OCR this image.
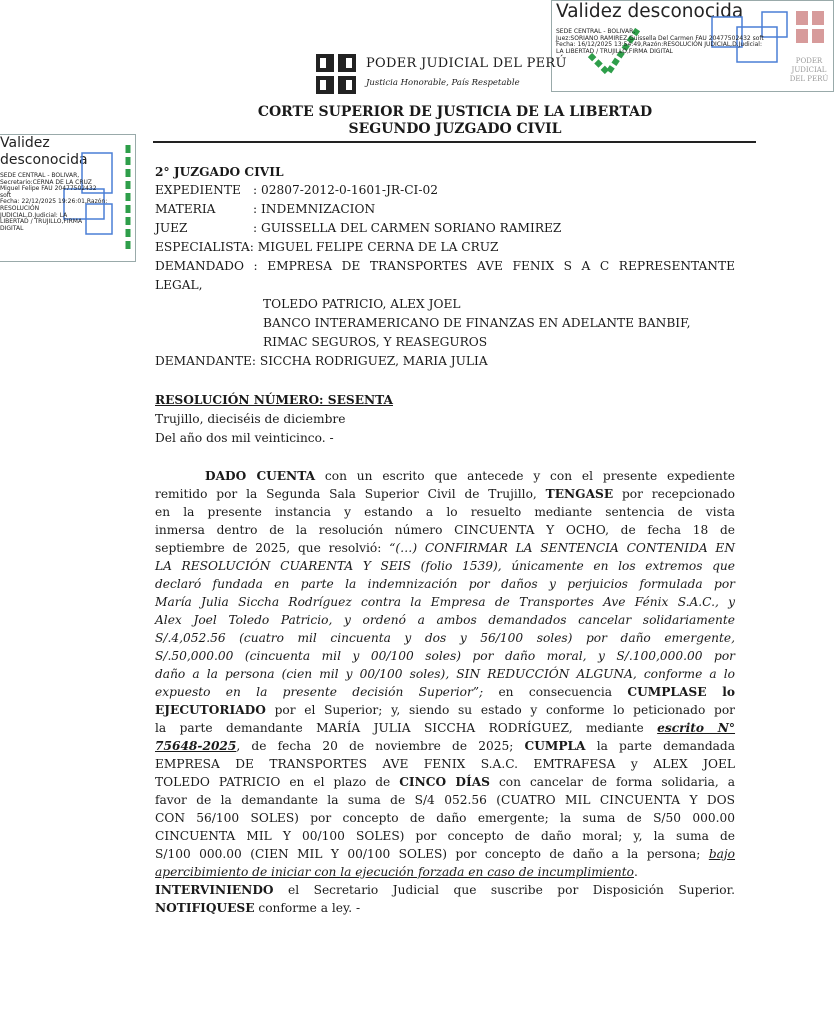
Validez desconocida
SEDE CENTRAL - BOLIVAR,
Juez:SORIANO RAMIREZ Guissella Del Carmen FAU 20477502432 soft
Fecha: 16/12/2025 13:54:49,Razón:RESOLUCIÓN JUDICIAL,D.Judicial:
LA LIBERTAD / TRUJILLO,FIRMA DIGITAL
PODER JUDICIAL
DEL PERÚ
Validez
desconocida
SEDE CENTRAL - BOLIVAR,
Secretario:CERNA DE LA CRUZ
Miguel Felipe FAU 20477502432
soft
Fecha: 22/12/2025 19:26:01,Razón:
RESOLUCIÓN
JUDICIAL,D.Judicial: LA
LIBERTAD / TRUJILLO,FIRMA
DIGITAL
PODER JUDICIAL DEL PERÚ
Justicia Honorable, País Respetable
CORTE SUPERIOR DE JUSTICIA DE LA LIBERTAD
SEGUNDO JUZGADO CIVIL
2° JUZGADO CIVIL
EXPEDIENTE : 02807-2012-0-1601-JR-CI-02
MATERIA	: INDEMNIZACION
JUEZ	: GUISSELLA DEL CARMEN SORIANO RAMIREZ
ESPECIALISTA: MIGUEL FELIPE CERNA DE LA CRUZ
DEMANDADO : EMPRESA DE TRANSPORTES AVE FENIX S A C REPRESENTANTE
LEGAL,
TOLEDO PATRICIO, ALEX JOEL
BANCO INTERAMERICANO DE FINANZAS EN ADELANTE BANBIF,
RIMAC SEGUROS, Y REASEGUROS
DEMANDANTE: SICCHA RODRIGUEZ, MARIA JULIA
RESOLUCIÓN NÚMERO: SESENTA
Trujillo, dieciséis de diciembre
Del año dos mil veinticinco. -
DADO CUENTA con un escrito que antecede y con el presente expediente
remitido por la Segunda Sala Superior Civil de Trujillo, TENGASE por recepcionado
en la presente instancia y estando a lo resuelto mediante sentencia de vista
inmersa dentro de la resolución número CINCUENTA Y OCHO, de fecha 18 de
septiembre de 2025, que resolvió: “(…) CONFIRMAR LA SENTENCIA CONTENIDA EN
LA RESOLUCIÓN CUARENTA Y SEIS (folio 1539), únicamente en los extremos que
declaró fundada en parte la indemnización por daños y perjuicios formulada por
María Julia Siccha Rodríguez contra la Empresa de Transportes Ave Fénix S.A.C., y
Alex Joel Toledo Patricio, y ordenó a ambos demandados cancelar solidariamente
S/.4,052.56 (cuatro mil cincuenta y dos y 56/100 soles) por daño emergente,
S/.50,000.00 (cincuenta mil y 00/100 soles) por daño moral, y S/.100,000.00 por
daño a la persona (cien mil y 00/100 soles), SIN REDUCCIÓN ALGUNA, conforme a lo
expuesto en la presente decisión Superior”; en consecuencia CUMPLASE lo
EJECUTORIADO por el Superior; y, siendo su estado y conforme lo peticionado por
la parte demandante MARÍA JULIA SICCHA RODRÍGUEZ, mediante escrito N°
75648-2025, de fecha 20 de noviembre de 2025; CUMPLA la parte demandada
EMPRESA DE TRANSPORTES AVE FENIX S.A.C. EMTRAFESA y ALEX JOEL
TOLEDO PATRICIO en el plazo de CINCO DÍAS con cancelar de forma solidaria, a
favor de la demandante la suma de S/4 052.56 (CUATRO MIL CINCUENTA Y DOS
CON 56/100 SOLES) por concepto de daño emergente; la suma de S/50 000.00
CINCUENTA MIL Y 00/100 SOLES) por concepto de daño moral; y, la suma de
S/100 000.00 (CIEN MIL Y 00/100 SOLES) por concepto de daño a la persona; bajo
apercibimiento de iniciar con la ejecución forzada en caso de incumplimiento.
INTERVINIENDO el Secretario Judicial que suscribe por Disposición Superior.
NOTIFIQUESE conforme a ley. -
